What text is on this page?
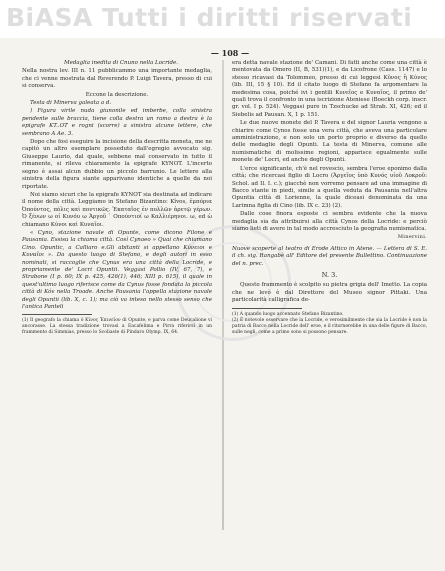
BiASA Tutti i diritti riservati
— 108 —

Medaglia inedita di Cnuno nella Locride.

Nella nostra lev. III n. 11 pubblicammo una importante medaglia, che ci venne mostrata dal Reverendo P. Luigi Tavera, presso di cui si conserva.

Eccone la descrizione.

Testa di Minerva galeata a d.

) Figura virile nuda giunonile ed imberbe, colla sinistra pendente sulle braccia, tiene colla destra un ramo a destra è la epigrafe KT..OT e rogni (scorre) a sinistra alcune lettere, che sembrano A Ae. 3.

Dopo che fosi eseguire la incisione della descritta moneta, me ne capitò un altro esemplare posseduto dall'egregio avvocato sig. Giuseppe Laurio, dal quale, sebbene mal conservato in tutto il rimanente, si rileva chiaramente la epigrafe KYNOT. L'incerto segno è assai alcun dubbio un piccolo barrunio. Le lettere alla sinistra della figura siante apparivano identiche a quelle da noi riportate.

Noi siamo sicuri che la epigrafe KYNOT sia destinata ad indicare il nome della città. Leggiamo in Stefano Bizantino: Kîvos, ἐμπόρια Ὀπούντος, πόλις καὶ ποντικῶς. Ἐκαταῖος ἐν πολλῶν ἀρετῷ γέρων. Ὁ ξένων ω οἱ Κυνόυ ω Ἀργοῦ ᾽ Οπούντιοί ω Καλλιέρηνοι. ω, ed ὡ chiamano Κύνοι καὶ Κυναῖοι.

« Cyno, stazione navale di Opunte, come dicono Filone e Pausania. Essisu la chiama città. Così Cynaeo » Quai che chiamano Cino. Opuntic, a Calliaro e.Gli abitanti si appellano Κύνειοι e Κυναῖοι ». Da questo luogo di Stefano, e degli autori in esso nominati, si raccoglie che Cynus era una città della Locride, e propriamente de' Locri Opuntii. Veggasi Pollio (IV, 67, 7), e Strabone (I p. 60; IX p. 425, 426(1), 446; XIII p. 615), il quale in quest'ultimo luogo riferisce come da Cynus fosse fondata la piccola città di Kóv nella Troade. Anche Pausania l'appella stazione navale degli Opuntii (lib. X, c. 1); ma ciò va inteso nello stesso senso che l'antica Panteli

(1) Il geografo la chiama ὁ Κῖνος Ἐπινεῖον di Opunte, e parva come Deucalione vi ancorasse. La stessa tradizione trovasi a Eacafelima e Pirra riferirsi in un frammento di Simmias, presso lo Scoliaste di Pindaro Olymp. IX, 64.

era detta navale stazione de' Camani. Di fatti anche come una città è mentovata da Omero (II, B, 531)(1), e da Licofrone (Cass. 1147) e lo stesso ricavasi da Tolommeo, presso di cui leggesi Κῦνος ἢ Κύνος (lib. III, 15 § 10). Ed il citato luogo di Stefano fa argomentare la medesima cosa, poiché ivi i gentili Κυνεῖος e Κυναῖος, il primo de' quali trova il confronto in una iscrizione Ateniese (Boeckh corp. inscr. gr. vol. I p. 524). Veggasi pure in Tzschucke ad Strab. XI, 426; ed il Siebelis ad Pausan. X, 1 p. 151.

Le due nuove monete del P. Tavera e del signor Lauria vengono a chiarire come Cynos fosse una vera città, che aveva una particolare amministrazione, e non solo un porto proprio e diverso da quello delle medaglie degli Opunti. La testa di Minerva, comune alle numismatiche di molissime regioni, apparisce egualmente sulle monete de' Locri, ed anche degli Opunti.

L'erce significante, ch'è nel rovescio, sembra l'eroe eponimo dalla città; che ricercasi figlio di Locro (Ἀργεῖος ὑπὸ Κυνός υἱοῦ Λοκροῦ: Schol. ad Il. I. c.); giacchè non vorremo pensare ad una immagine di Bacco stante in piedi, simile a quella veduta da Pausania nell'altra Opuntia città di Lorienne, la quale diceasi denominata da una Larimna figlia di Cino (lib. IX c. 23) (2).

Dalle cose finora esposte ci sembra evidente che la nuova medaglia sia da attribuirsi alla città Cynos della Locride: e perciò siamo lieti di avere in tal modo accresciuto la geografia numismatica.

Minervini.

Nuove scoperte al teatro di Erode Attico in Atene. — Lettera di S. E. il ch. sig. Rangabè all' Editore del presente Bullettino. Continuazione del n. prec.

N. 3.

Questo frammento è scolpito su pietra grigia dell' Imetto. La copia che ne levò è dal Direttore del Museo signor Pittaki. Una particolarità calligrafica de-

(1) A quando luogo accennato Stefano Bizantino.

(2) È notevole osservare che la Locride, e verosimilmente che sia la Locride è non la patria di Bacco nella Locride dell' eroe, e il ritornerebbe in una delle figure di Bacco, sulle negli, come a primo sono si possono pensare.
